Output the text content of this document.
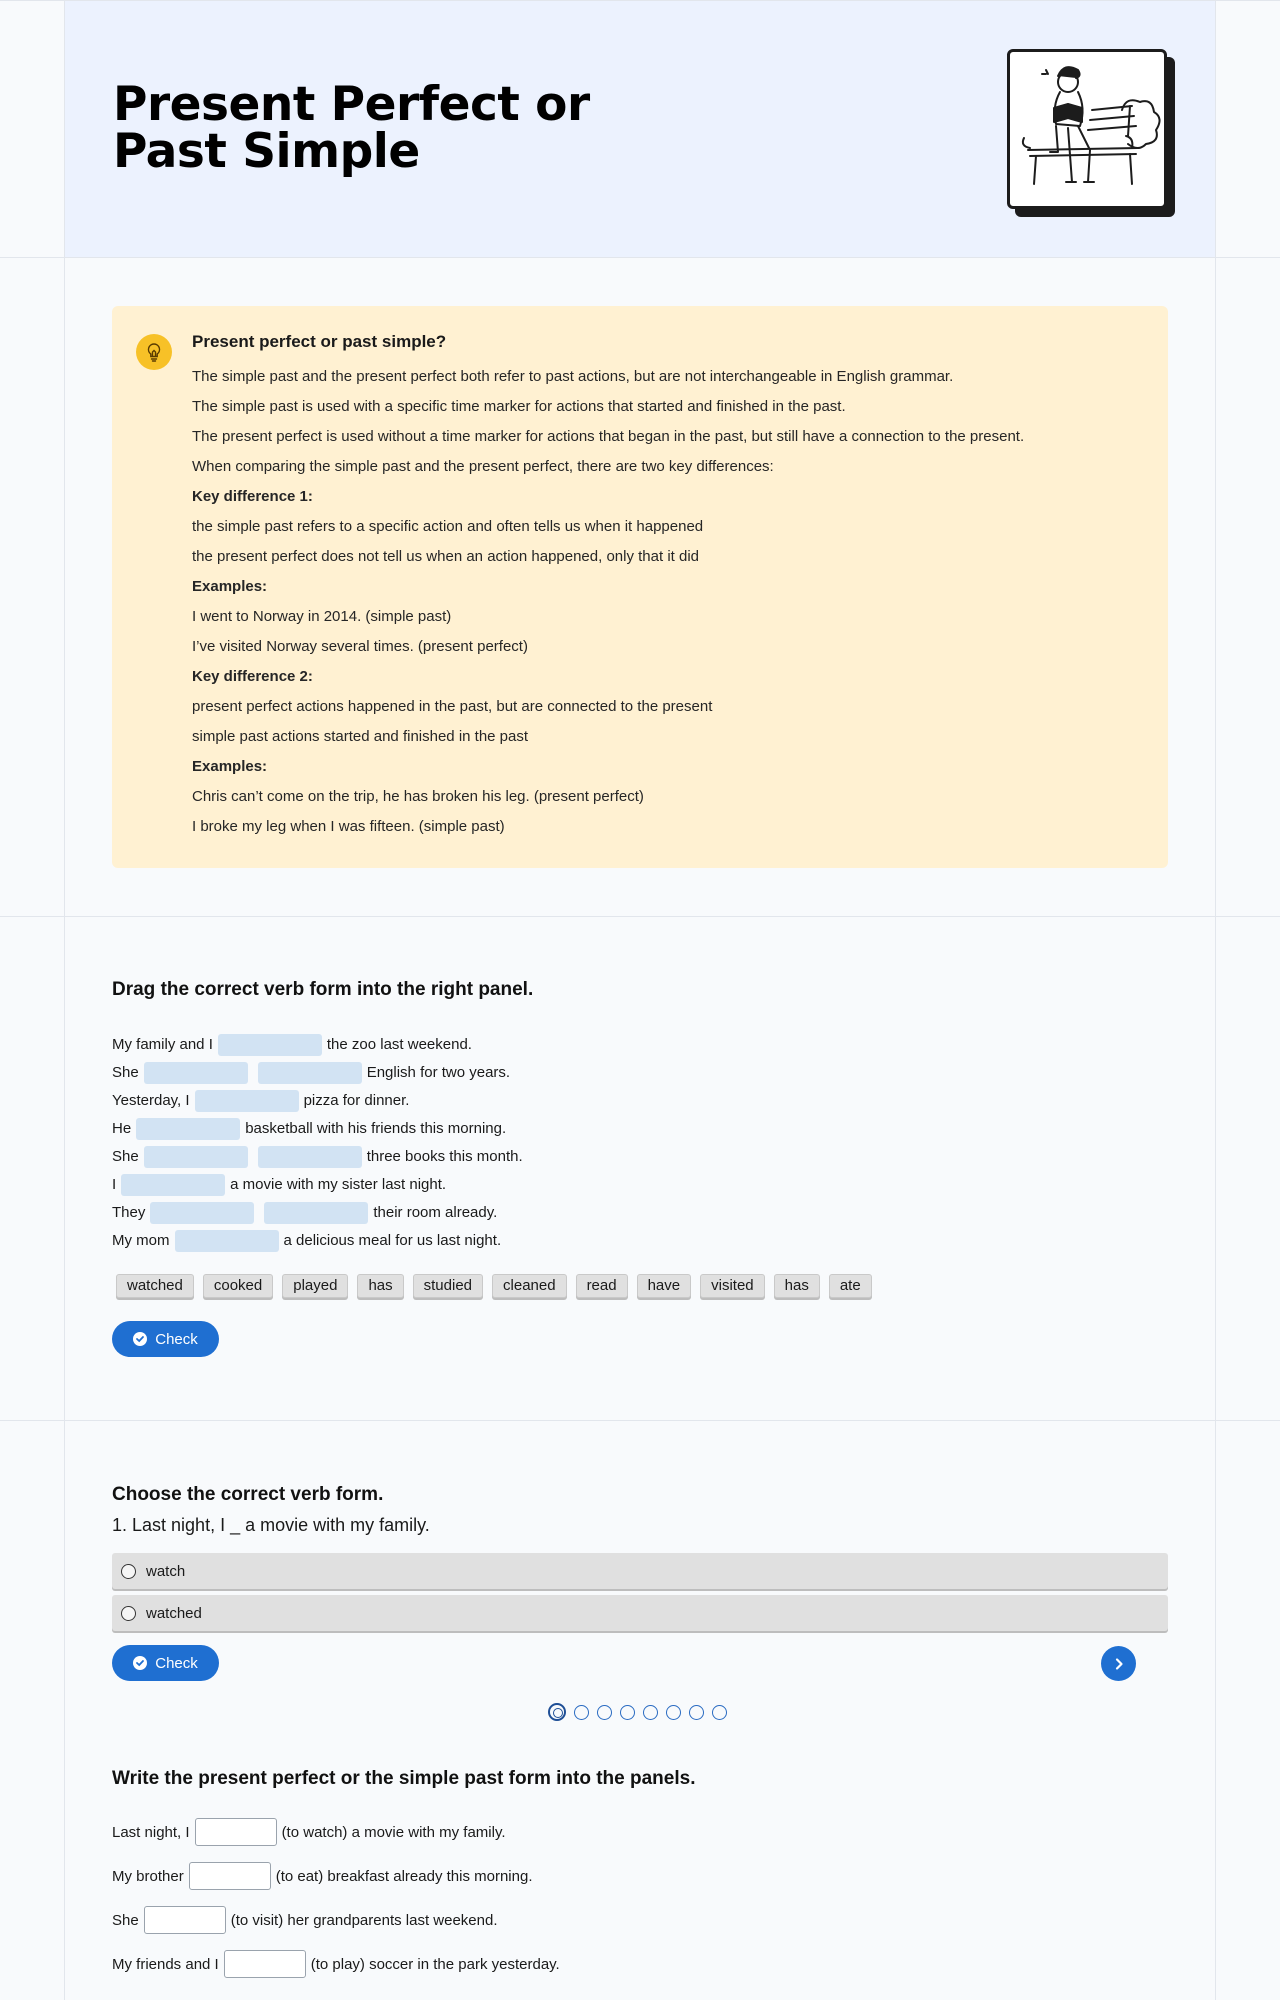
Present Perfect or Past Simple
Present perfect or past simple?
The simple past and the present perfect both refer to past actions, but are not interchangeable in English grammar.
The simple past is used with a specific time marker for actions that started and finished in the past.
The present perfect is used without a time marker for actions that began in the past, but still have a connection to the present.
When comparing the simple past and the present perfect, there are two key differences:
Key difference 1:
the simple past refers to a specific action and often tells us when it happened
the present perfect does not tell us when an action happened, only that it did
Examples:
I went to Norway in 2014. (simple past)
I’ve visited Norway several times. (present perfect)
Key difference 2:
present perfect actions happened in the past, but are connected to the present
simple past actions started and finished in the past
Examples:
Chris can’t come on the trip, he has broken his leg. (present perfect)
I broke my leg when I was fifteen. (simple past)
Drag the correct verb form into the right panel.
My family and I	the zoo last weekend.
She	English for two years.
Yesterday, I	pizza for dinner.
He	basketball with his friends this morning.
She	three books this month.
I	a movie with my sister last night.
They	their room already.
My mom	a delicious meal for us last night.
watched	cooked	played	has	studied	cleaned	read	have	visited	has	ate
Check
Choose the correct verb form.
1. Last night, I _ a movie with my family.
watch
watched
Check
Write the present perfect or the simple past form into the panels.
Last night, I	(to watch) a movie with my family.
My brother	(to eat) breakfast already this morning.
She	(to visit) her grandparents last weekend.
My friends and I	(to play) soccer in the park yesterday.
